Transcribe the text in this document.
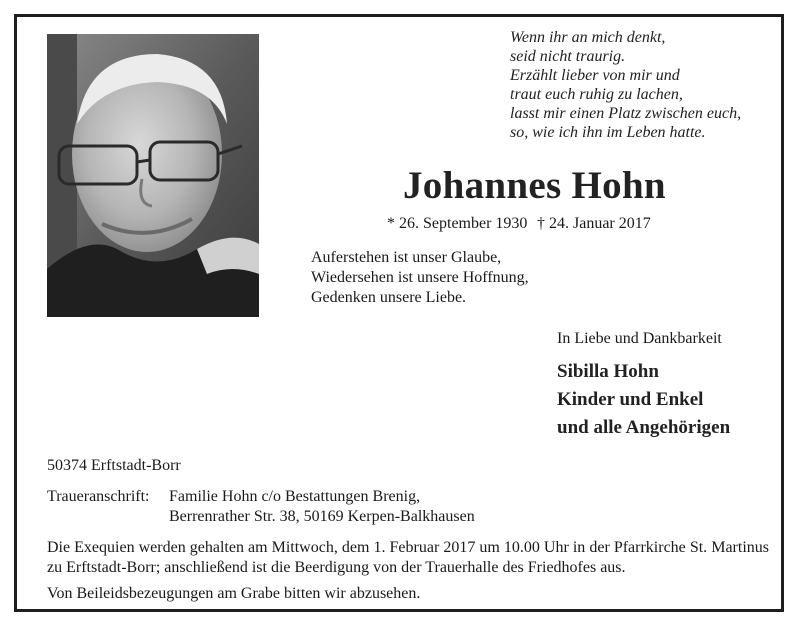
Wenn ihr an mich denkt,
seid nicht traurig.
Erzählt lieber von mir und
traut euch ruhig zu lachen,
lasst mir einen Platz zwischen euch,
so, wie ich ihn im Leben hatte.
Johannes Hohn
* 26. September 1930 † 24. Januar 2017
Auferstehen ist unser Glaube,
Wiedersehen ist unsere Hoffnung,
Gedenken unsere Liebe.
In Liebe und Dankbarkeit
Sibilla Hohn
Kinder und Enkel
und alle Angehörigen
50374 Erftstadt-Borr
Traueranschrift: Familie Hohn c/o Bestattungen Brenig,
Berrenrather Str. 38, 50169 Kerpen-Balkhausen
Die Exequien werden gehalten am Mittwoch, dem 1. Februar 2017 um 10.00 Uhr in der Pfarrkirche St. Martinus zu Erftstadt-Borr; anschließend ist die Beerdigung von der Trauerhalle des Friedhofes aus.
Von Beileidsbezeugungen am Grabe bitten wir abzusehen.
